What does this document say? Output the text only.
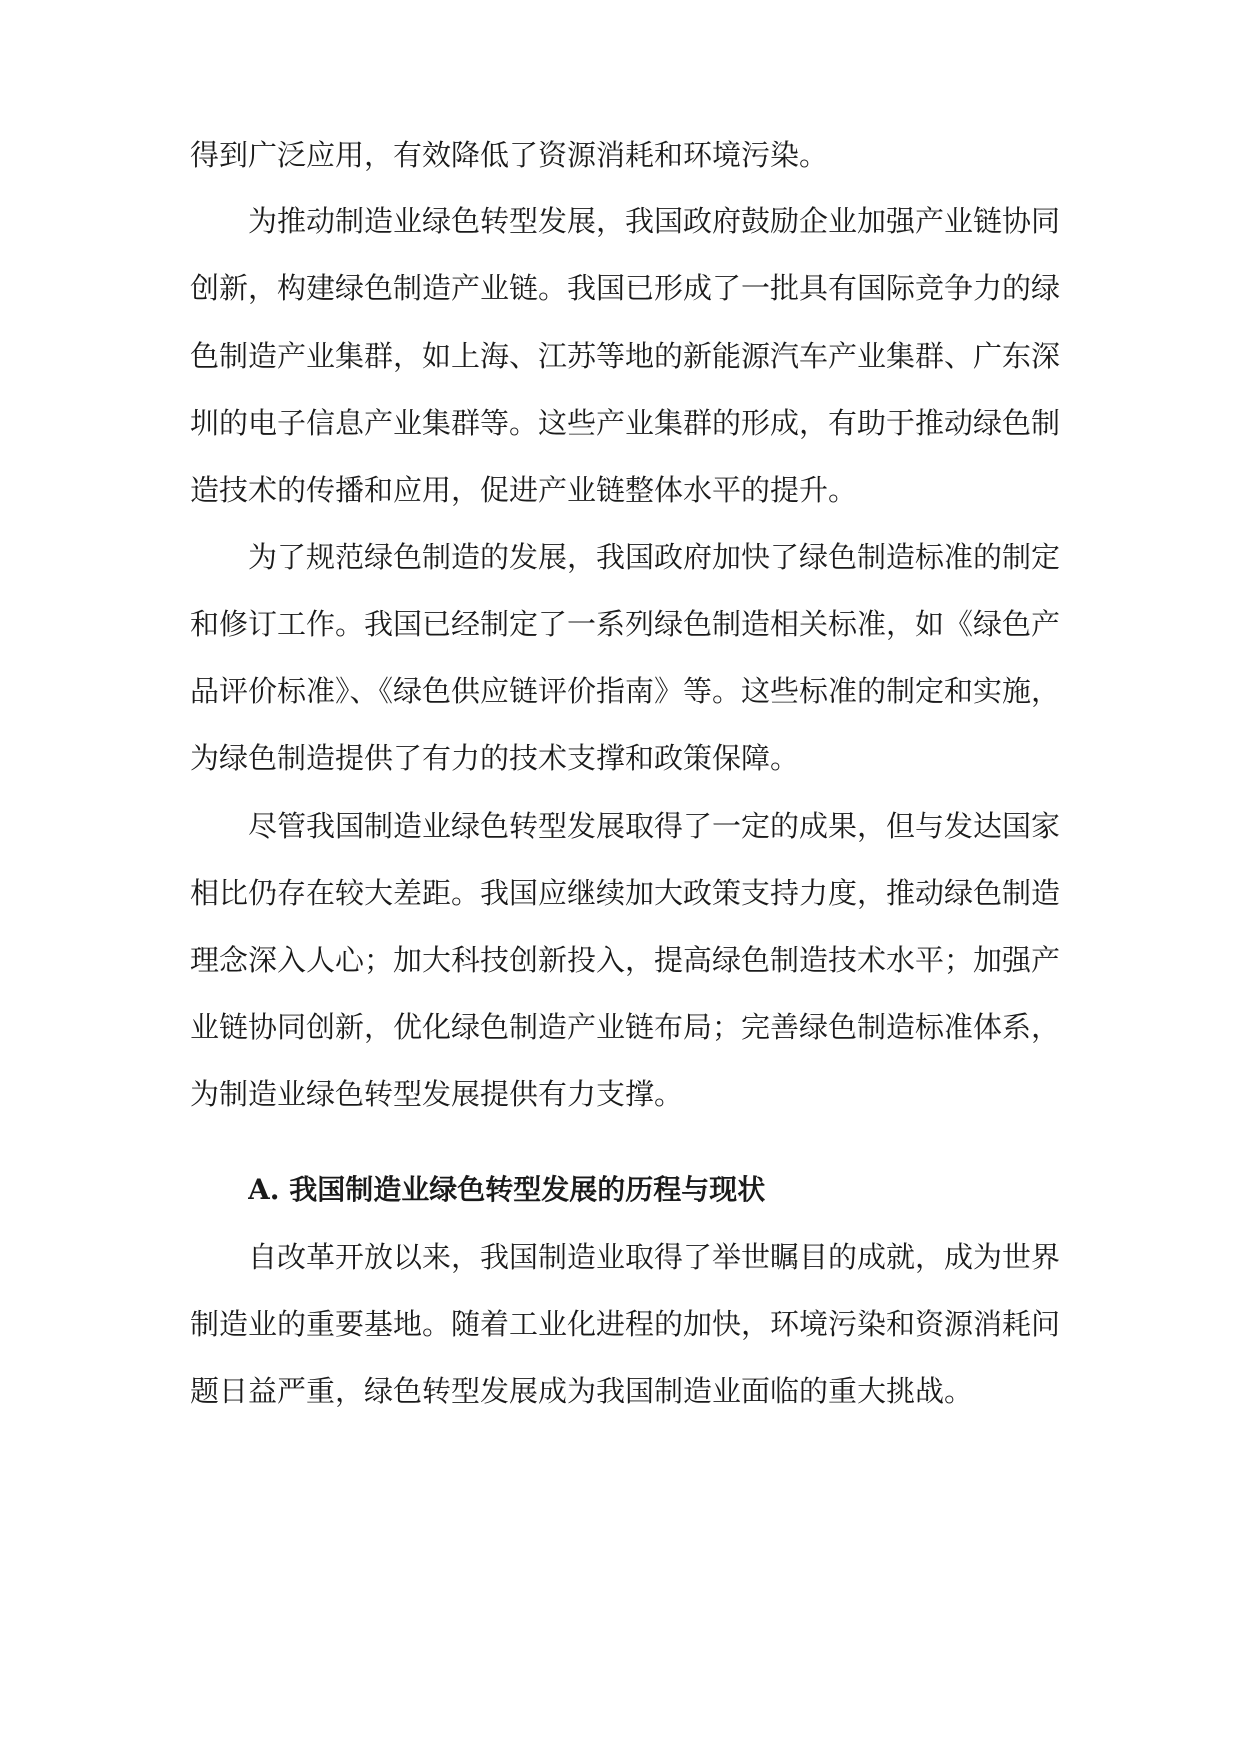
得到广泛应用，有效降低了资源消耗和环境污染。
为推动制造业绿色转型发展，我国政府鼓励企业加强产业链协同
创新，构建绿色制造产业链。我国已形成了一批具有国际竞争力的绿
色制造产业集群，如上海、江苏等地的新能源汽车产业集群、广东深
圳的电子信息产业集群等。这些产业集群的形成，有助于推动绿色制
造技术的传播和应用，促进产业链整体水平的提升。
为了规范绿色制造的发展，我国政府加快了绿色制造标准的制定
和修订工作。我国已经制定了一系列绿色制造相关标准，如《绿色产
品评价标准》、《绿色供应链评价指南》等。这些标准的制定和实施，
为绿色制造提供了有力的技术支撑和政策保障。
尽管我国制造业绿色转型发展取得了一定的成果，但与发达国家
相比仍存在较大差距。我国应继续加大政策支持力度，推动绿色制造
理念深入人心；加大科技创新投入，提高绿色制造技术水平；加强产
业链协同创新，优化绿色制造产业链布局；完善绿色制造标准体系，
为制造业绿色转型发展提供有力支撑。
A. 我国制造业绿色转型发展的历程与现状
自改革开放以来，我国制造业取得了举世瞩目的成就，成为世界
制造业的重要基地。随着工业化进程的加快，环境污染和资源消耗问
题日益严重，绿色转型发展成为我国制造业面临的重大挑战。
